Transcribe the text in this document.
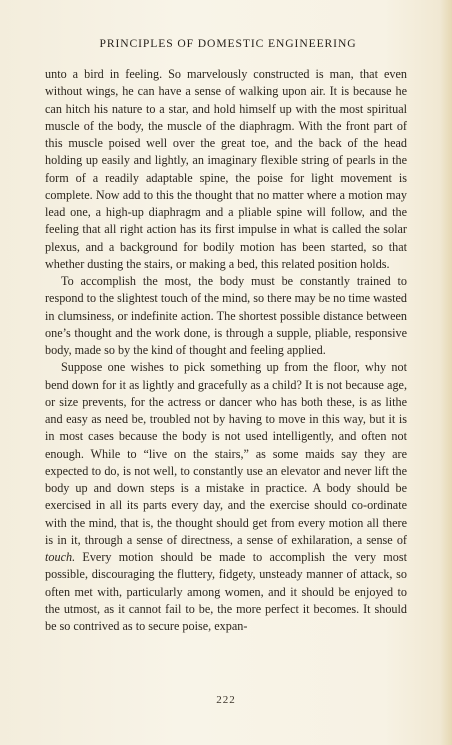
PRINCIPLES OF DOMESTIC ENGINEERING

unto a bird in feeling. So marvelously constructed is man, that even without wings, he can have a sense of walking upon air. It is because he can hitch his nature to a star, and hold himself up with the most spiritual muscle of the body, the muscle of the diaphragm. With the front part of this muscle poised well over the great toe, and the back of the head holding up easily and lightly, an imaginary flexible string of pearls in the form of a readily adaptable spine, the poise for light movement is complete. Now add to this the thought that no matter where a motion may lead one, a high-up diaphragm and a pliable spine will follow, and the feeling that all right action has its first impulse in what is called the solar plexus, and a background for bodily motion has been started, so that whether dusting the stairs, or making a bed, this related position holds.

To accomplish the most, the body must be constantly trained to respond to the slightest touch of the mind, so there may be no time wasted in clumsiness, or indefinite action. The shortest possible distance between one’s thought and the work done, is through a supple, pliable, responsive body, made so by the kind of thought and feeling applied.

Suppose one wishes to pick something up from the floor, why not bend down for it as lightly and gracefully as a child? It is not because age, or size prevents, for the actress or dancer who has both these, is as lithe and easy as need be, troubled not by having to move in this way, but it is in most cases because the body is not used intelligently, and often not enough. While to “live on the stairs,” as some maids say they are expected to do, is not well, to constantly use an elevator and never lift the body up and down steps is a mistake in practice. A body should be exercised in all its parts every day, and the exercise should co-ordinate with the mind, that is, the thought should get from every motion all there is in it, through a sense of directness, a sense of exhilaration, a sense of touch. Every motion should be made to accomplish the very most possible, discouraging the fluttery, fidgety, unsteady manner of attack, so often met with, particularly among women, and it should be enjoyed to the utmost, as it cannot fail to be, the more perfect it becomes. It should be so contrived as to secure poise, expan-

222
